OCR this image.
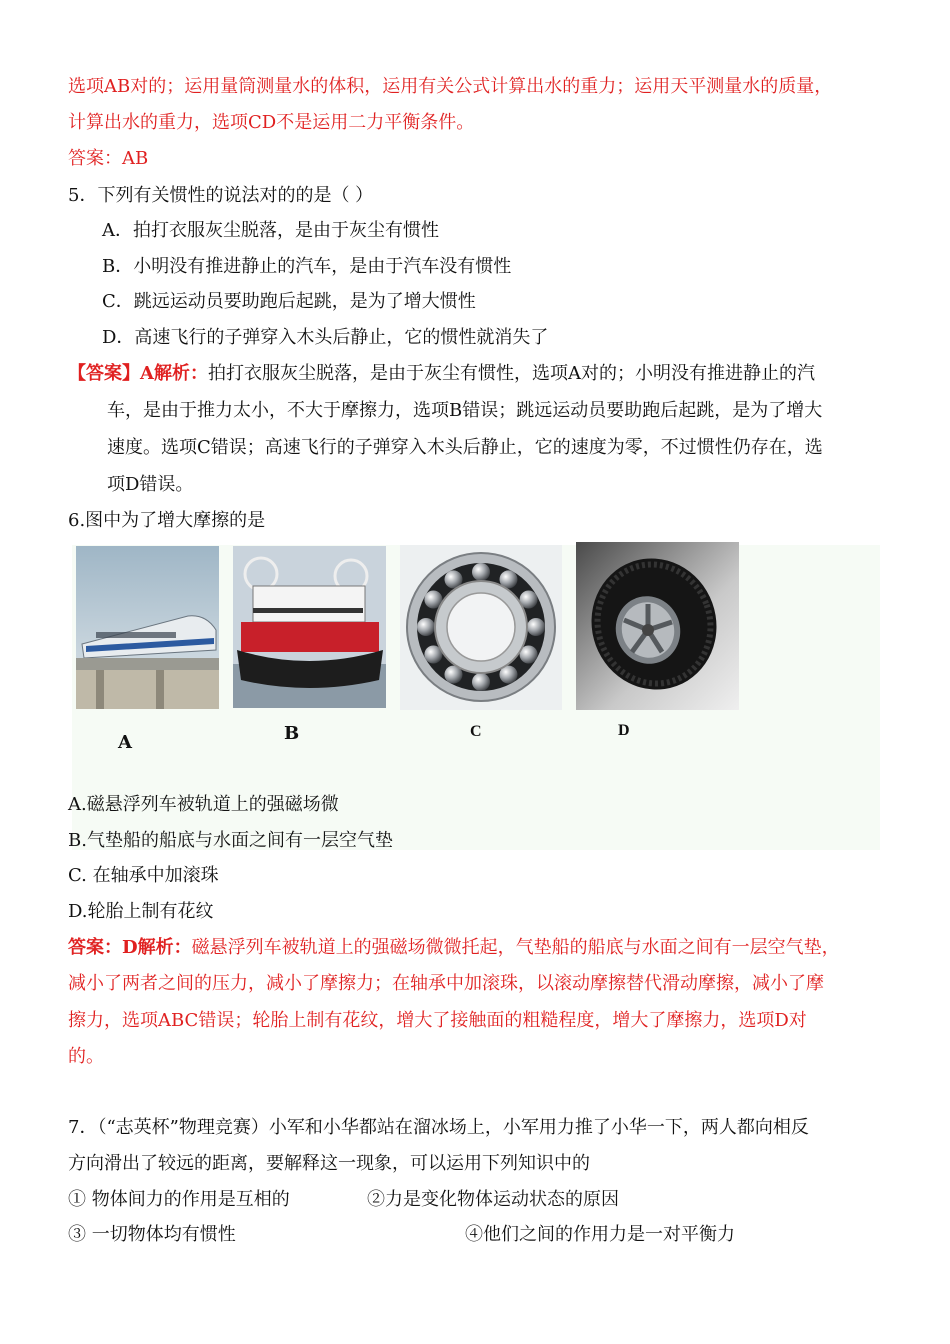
选项AB对的；运用量筒测量水的体积，运用有关公式计算出水的重力；运用天平测量水的质量，
计算出水的重力，选项CD不是运用二力平衡条件。
答案：AB
5．下列有关惯性的说法对的的是（ ）
A．拍打衣服灰尘脱落，是由于灰尘有惯性
B．小明没有推进静止的汽车，是由于汽车没有惯性
C．跳远运动员要助跑后起跳，是为了增大惯性
D．高速飞行的子弹穿入木头后静止，它的惯性就消失了
【答案】A解析：拍打衣服灰尘脱落，是由于灰尘有惯性，选项A对的；小明没有推进静止的汽
车，是由于推力太小，不大于摩擦力，选项B错误；跳远运动员要助跑后起跳，是为了增大
速度。选项C错误；高速飞行的子弹穿入木头后静止，它的速度为零，不过惯性仍存在，选
项D错误。
6.图中为了增大摩擦的是
A	B	C	D
A.磁悬浮列车被轨道上的强磁场微
B.气垫船的船底与水面之间有一层空气垫
C. 在轴承中加滚珠
D.轮胎上制有花纹
答案：D解析：磁悬浮列车被轨道上的强磁场微微托起，气垫船的船底与水面之间有一层空气垫，
减小了两者之间的压力，减小了摩擦力；在轴承中加滚珠，以滚动摩擦替代滑动摩擦，减小了摩
擦力，选项ABC错误；轮胎上制有花纹，增大了接触面的粗糙程度，增大了摩擦力，选项D对
的。
7．（“志英杯”物理竞赛）小军和小华都站在溜冰场上，小军用力推了小华一下，两人都向相反
方向滑出了较远的距离，要解释这一现象，可以运用下列知识中的
① 物体间力的作用是互相的	②力是变化物体运动状态的原因
③ 一切物体均有惯性	④他们之间的作用力是一对平衡力
